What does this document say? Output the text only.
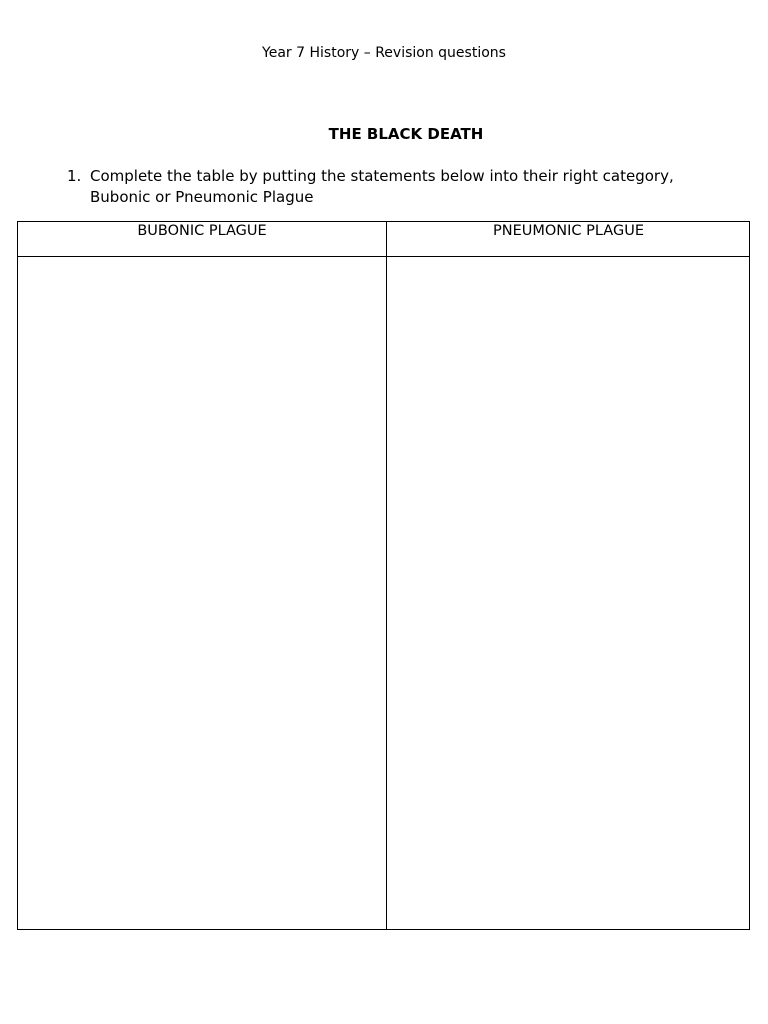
Year 7 History – Revision questions
THE BLACK DEATH
1. Complete the table by putting the statements below into their right category, Bubonic or Pneumonic Plague
BUBONIC PLAGUE	PNEUMONIC PLAGUE
